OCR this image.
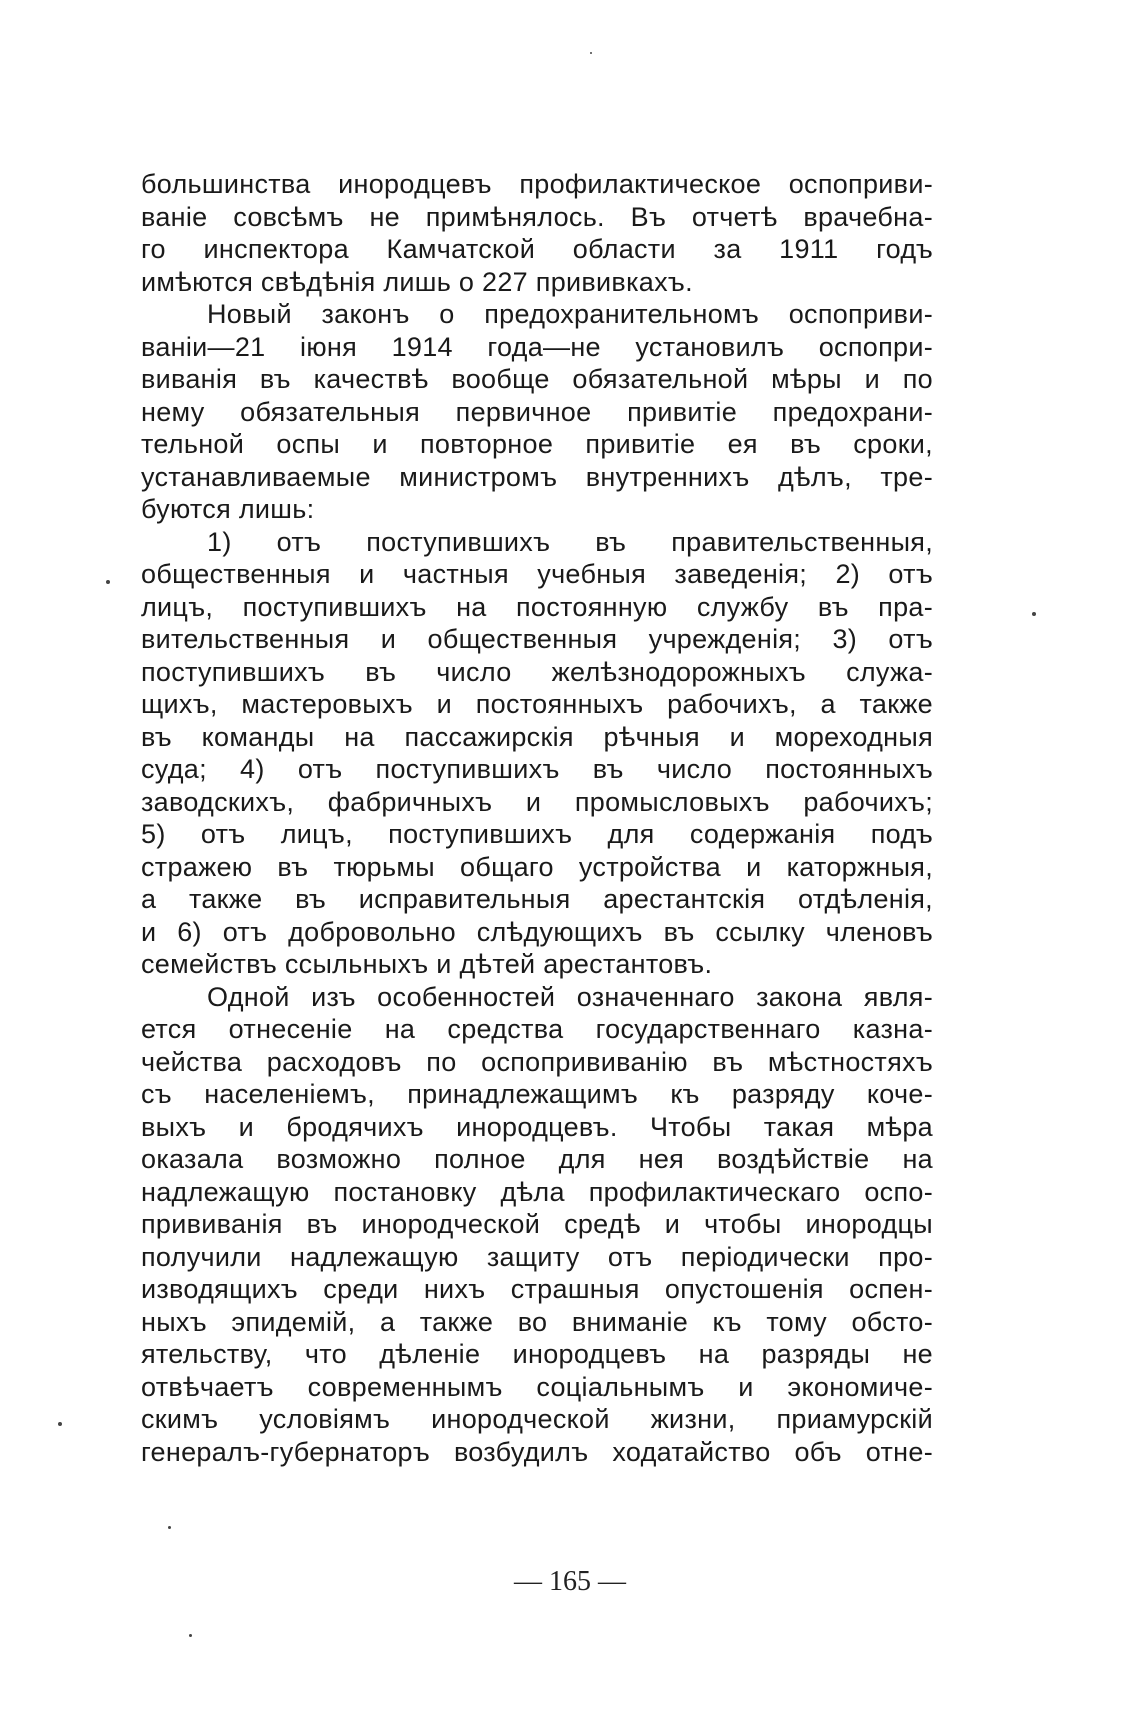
большинства инородцевъ профилактическое оспоприви-
ваніе совсѣмъ не примѣнялось. Въ отчетѣ врачебна-
го инспектора Камчатской области за 1911 годъ
имѣются свѣдѣнія лишь о 227 прививкахъ.
Новый законъ о предохранительномъ оспоприви-
ваніи—21 іюня 1914 года—не установилъ оспопри-
виванія въ качествѣ вообще обязательной мѣры и по
нему обязательныя первичное привитіе предохрани-
тельной оспы и повторное привитіе ея въ сроки,
устанавливаемые министромъ внутреннихъ дѣлъ, тре-
буются лишь:
1) отъ поступившихъ въ правительственныя,
общественныя и частныя учебныя заведенія; 2) отъ
лицъ, поступившихъ на постоянную службу въ пра-
вительственныя и общественныя учрежденія; 3) отъ
поступившихъ въ число желѣзнодорожныхъ служа-
щихъ, мастеровыхъ и постоянныхъ рабочихъ, а также
въ команды на пассажирскія рѣчныя и мореходныя
суда; 4) отъ поступившихъ въ число постоянныхъ
заводскихъ, фабричныхъ и промысловыхъ рабочихъ;
5) отъ лицъ, поступившихъ для содержанія подъ
стражею въ тюрьмы общаго устройства и каторжныя,
а также въ исправительныя арестантскія отдѣленія,
и 6) отъ добровольно слѣдующихъ въ ссылку членовъ
семействъ ссыльныхъ и дѣтей арестантовъ.
Одной изъ особенностей означеннаго закона явля-
ется отнесеніе на средства государственнаго казна-
чейства расходовъ по оспопрививанію въ мѣстностяхъ
съ населеніемъ, принадлежащимъ къ разряду коче-
выхъ и бродячихъ инородцевъ. Чтобы такая мѣра
оказала возможно полное для нея воздѣйствіе на
надлежащую постановку дѣла профилактическаго оспо-
прививанія въ инородческой средѣ и чтобы инородцы
получили надлежащую защиту отъ періодически про-
изводящихъ среди нихъ страшныя опустошенія оспен-
ныхъ эпидемій, а также во вниманіе къ тому обсто-
ятельству, что дѣленіе инородцевъ на разряды не
отвѣчаетъ современнымъ соціальнымъ и экономиче-
скимъ условіямъ инородческой жизни, приамурскій
генералъ-губернаторъ возбудилъ ходатайство объ отне-
— 165 —
